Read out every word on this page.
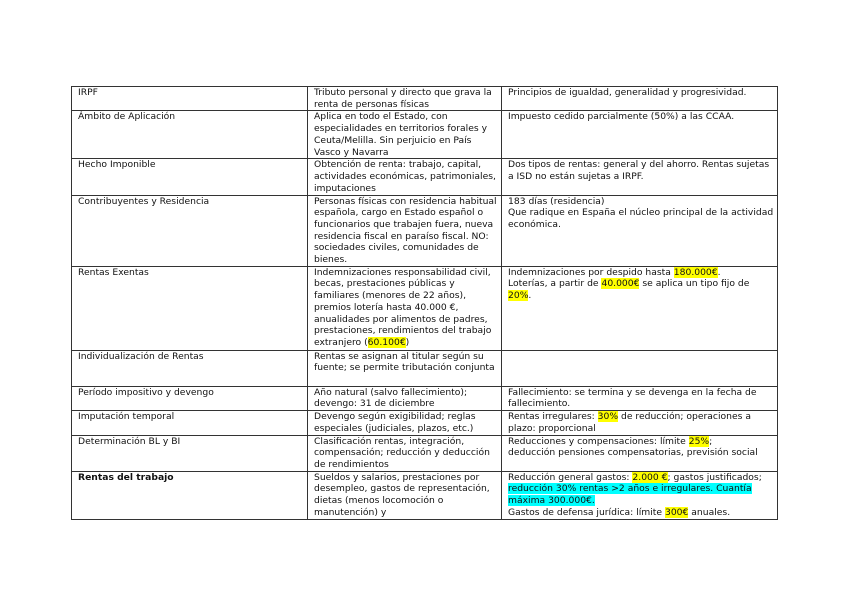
IRPF	Tributo personal y directo que grava la renta de personas físicas	Principios de igualdad, generalidad y progresividad.
Ámbito de Aplicación	Aplica en todo el Estado, con especialidades en territorios forales y Ceuta/Melilla. Sin perjuicio en País Vasco y Navarra	Impuesto cedido parcialmente (50%) a las CCAA.
Hecho Imponible	Obtención de renta: trabajo, capital, actividades económicas, patrimoniales, imputaciones	Dos tipos de rentas: general y del ahorro. Rentas sujetas a ISD no están sujetas a IRPF.
Contribuyentes y Residencia	Personas físicas con residencia habitual española, cargo en Estado español o funcionarios que trabajen fuera, nueva residencia fiscal en paraíso fiscal. NO: sociedades civiles, comunidades de bienes.	183 días (residencia)
Que radique en España el núcleo principal de la actividad económica.
Rentas Exentas	Indemnizaciones responsabilidad civil, becas, prestaciones públicas y familiares (menores de 22 años), premios lotería hasta 40.000 €, anualidades por alimentos de padres, prestaciones, rendimientos del trabajo extranjero (60.100€)	Indemnizaciones por despido hasta 180.000€.
Loterías, a partir de 40.000€ se aplica un tipo fijo de 20%.
Individualización de Rentas	Rentas se asignan al titular según su fuente; se permite tributación conjunta	
Período impositivo y devengo	Año natural (salvo fallecimiento); devengo: 31 de diciembre	Fallecimiento: se termina y se devenga en la fecha de fallecimiento.
Imputación temporal	Devengo según exigibilidad; reglas especiales (judiciales, plazos, etc.)	Rentas irregulares: 30% de reducción; operaciones a plazo: proporcional
Determinación BL y BI	Clasificación rentas, integración, compensación; reducción y deducción de rendimientos	Reducciones y compensaciones: límite 25%;
deducción pensiones compensatorias, previsión social
Rentas del trabajo	Sueldos y salarios, prestaciones por desempleo, gastos de representación, dietas (menos locomoción o manutención) y	Reducción general gastos: 2.000 €; gastos justificados; reducción 30% rentas >2 años e irregulares. Cuantía máxima 300.000€.
Gastos de defensa jurídica: límite 300€ anuales.
